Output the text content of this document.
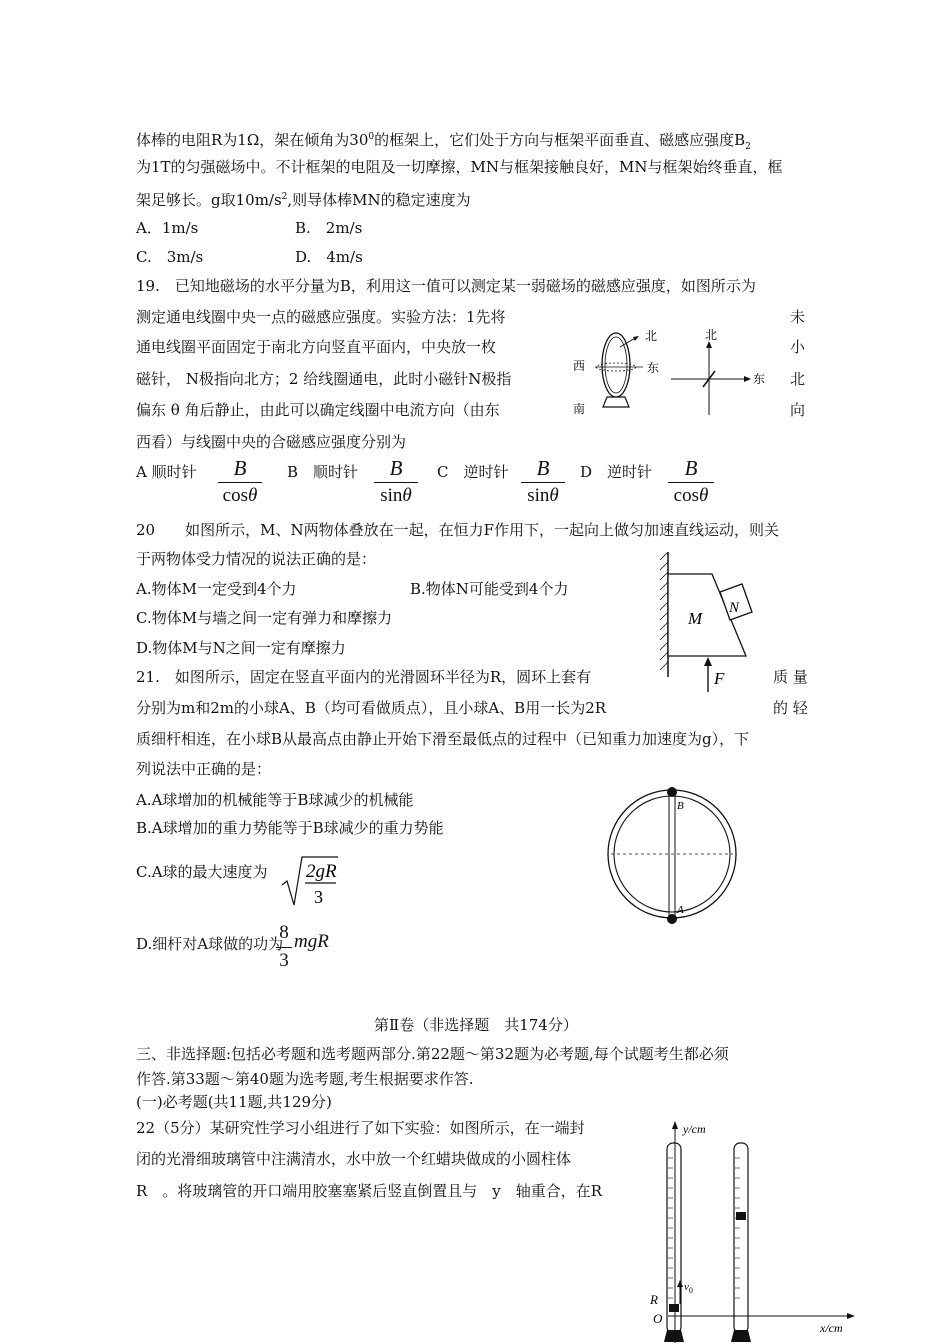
体棒的电阻R为1Ω，架在倾角为$30^0$的框架上，它们处于方向与框架平面垂直、磁感应强度$B_2$
为1T的匀强磁场中。不计框架的电阻及一切摩擦，MN与框架接触良好，MN与框架始终垂直，框
架足够长。g取$10m/s^2$,则导体棒MN的稳定速度为
A．1m/s	B.　2m/s
C.　3m/s	D.　4m/s
19.　已知地磁场的水平分量为B，利用这一值可以测定某一弱磁场的磁感应强度，如图所示为
测定通电线圈中央一点的磁感应强度。实验方法：1先将
通电线圈平面固定于南北方向竖直平面内，中央放一枚
磁针， N极指向北方；2 给线圈通电，此时小磁针N极指
偏东 θ 角后静止，由此可以确定线圈中电流方向（由东
西看）与线圈中央的合磁感应强度分别为
未
小
北
向
北
东
西
南
北
东
A 顺时针	B
cosθ
B　顺时针	B
sinθ
C　逆时针	B
sinθ
D　逆时针	B
cosθ
20　　如图所示，M、N两物体叠放在一起，在恒力F作用下，一起向上做匀加速直线运动，则关
于两物体受力情况的说法正确的是：
A.物体M一定受到4个力	B.物体N可能受到4个力
C.物体M与墙之间一定有弹力和摩擦力
D.物体M与N之间一定有摩擦力
M
N
F
21.　如图所示，固定在竖直平面内的光滑圆环半径为R，圆环上套有	质 量
分别为m和2m的小球A、B（均可看做质点），且小球A、B用一长为2R	的 轻
质细杆相连，在小球B从最高点由静止开始下滑至最低点的过程中（已知重力加速度为g），下
列说法中正确的是：
A.A球增加的机械能等于B球减少的机械能
B.A球增加的重力势能等于B球减少的重力势能
C.A球的最大速度为 2gR
3
D.细杆对A球做的功为
8
3
mgR
B
A
第Ⅱ卷（非选择题　共174分）
三、非选择题:包括必考题和选考题两部分.第22题～第32题为必考题,每个试题考生都必须
作答.第33题～第40题为选考题,考生根据要求作答.
(一)必考题(共11题,共129分)
22（5分）某研究性学习小组进行了如下实验：如图所示，在一端封
闭的光滑细玻璃管中注满清水，水中放一个红蜡块做成的小圆柱体
R　。将玻璃管的开口端用胶塞塞紧后竖直倒置且与　y　轴重合，在R
y/cm
x/cm
$v_0$
R
O
